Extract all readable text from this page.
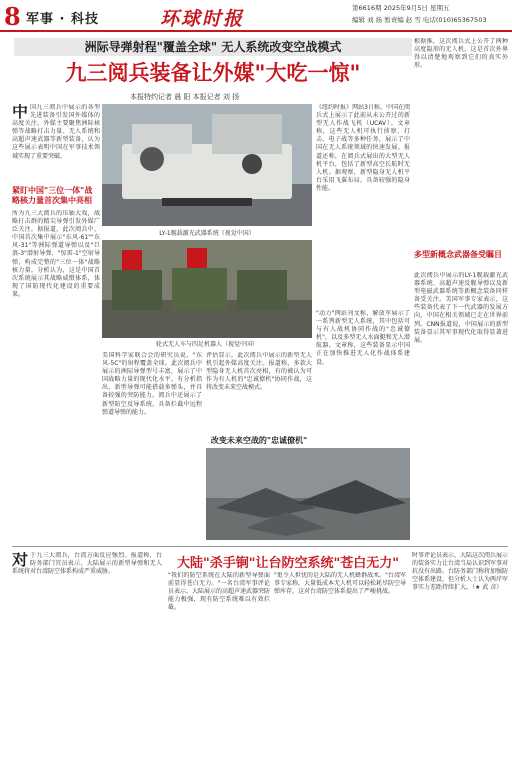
8 军事 · 科技	环球时报	第6616期 2025年9月5日 星期五
编辑 刘 扬 暂责编 赵 雪 电话(010)65367503
洲际导弹射程"覆盖全球" 无人系统改变空战模式
九三阅兵装备让外媒"大吃一惊"
本报特约记者 晨 阳 本报记者 刘 扬
中国九三阅兵中展示的各型先进装备引发国外媒体的高度关注。外媒主要聚焦洲际核弹等战略打击力量、无人系统和高超声速武器等新型装备，认为这些展示表明中国在军事技术领域实现了重要突破。
紧盯中国"三位一体"战略核力量首次集中亮相
所为九三大阅兵的压轴大戏，战略打击群的精尖导弹引发外媒广泛关注。据报道，此次阅兵中，中国首次集中展示"东风-61""东风-31"等洲际弹道导弹以及"巨浪-3"潜射导弹、"惊雷-1"空射导弹，构成完整的"三位一体"战略核力量。分析认为，这是中国首次系统展示其战略威慑体系，体现了国防现代化建设的重要成果。
LY-1舰载激光武器系统（视觉中国）
轮式无人车与四足机器人（视觉中国）
美国科学家联合会的研究员说，"东风-5C"的射程覆盖全球。此次阅兵中展示的洲际导弹型号丰富，展示了中国战略力量的现代化水平。有分析指出，新型导弹可能搭载多弹头，并具备较强的突防能力。阅兵中还展示了新型防空反导系统，具备拦截中远程弹道导弹的能力。
评估显示，此次阅兵中展示的新型无人机引起外媒高度关注。报道称，多款大型隐身无人机首次亮相，有的被认为可作为有人机的"忠诚僚机"协同作战，这将改变未来空战模式。
改变未来空战的"忠诚僚机"
《纽约时报》网站3日称，中国在阅兵式上展示了此前从未公开过的新型无人作战飞机（UCAV）。文章称，这些无人机可执行侦察、打击、电子战等多种任务，展示了中国在无人系统领域的快速发展。报道还称，在阅兵式展出的大型无人机平台，包括了新型高空长航时无人机。据观察，新型隐身无人机平台采用飞翼布局，具备较强的隐身性能。
"动力"网站刊文称，解放军展示了一系列新型无人系统，其中包括可与有人战机协同作战的"忠诚僚机"，以及多型无人水面艇和无人潜航器。文章称，这些装备显示中国正在加快推进无人化作战体系建设。
根据推，这次阅兵式上公开了两种高度隐形的无人机，这是首次外界得以清楚地观察到它们的真实外形。
多型新概念武器备受瞩目
此次阅兵中展示的LY-1舰载激光武器系统、高超声速反舰导弹以及新型电磁武器系统等新概念装备同样备受关注。美国军事专家表示，这些装备代表了下一代武器的发展方向，中国在相关领域已走在世界前列。CNN报道说，中国展示的新型装备显示其军事现代化取得显著进展。
大陆"杀手锏"让台防空系统"苍白无力"
对于九三大阅兵，台湾方面反应强烈。报道称，台防务部门官员表示，大陆展示的新型导弹和无人系统将对台湾防空体系构成严重威胁。
"我们的防空系统在大陆的新型导弹面前显得苍白无力。"一名台湾军事评论员表示，大陆展示的高超声速武器突防能力极强，现有防空系统难以有效拦截。
"更令人担忧的是大陆的无人机蜂群战术。"台湾军事专家称，大量低成本无人机可以轻松耗尽防空导弹库存，这对台湾防空体系提出了严峻挑战。
时事评论员表示，大陆这次阅兵展示的装备实力让台湾当局认识到军事对抗没有出路。台防务部门称将加强防空体系建设，但分析人士认为两岸军事实力差距持续扩大。（★ 武 彦）
